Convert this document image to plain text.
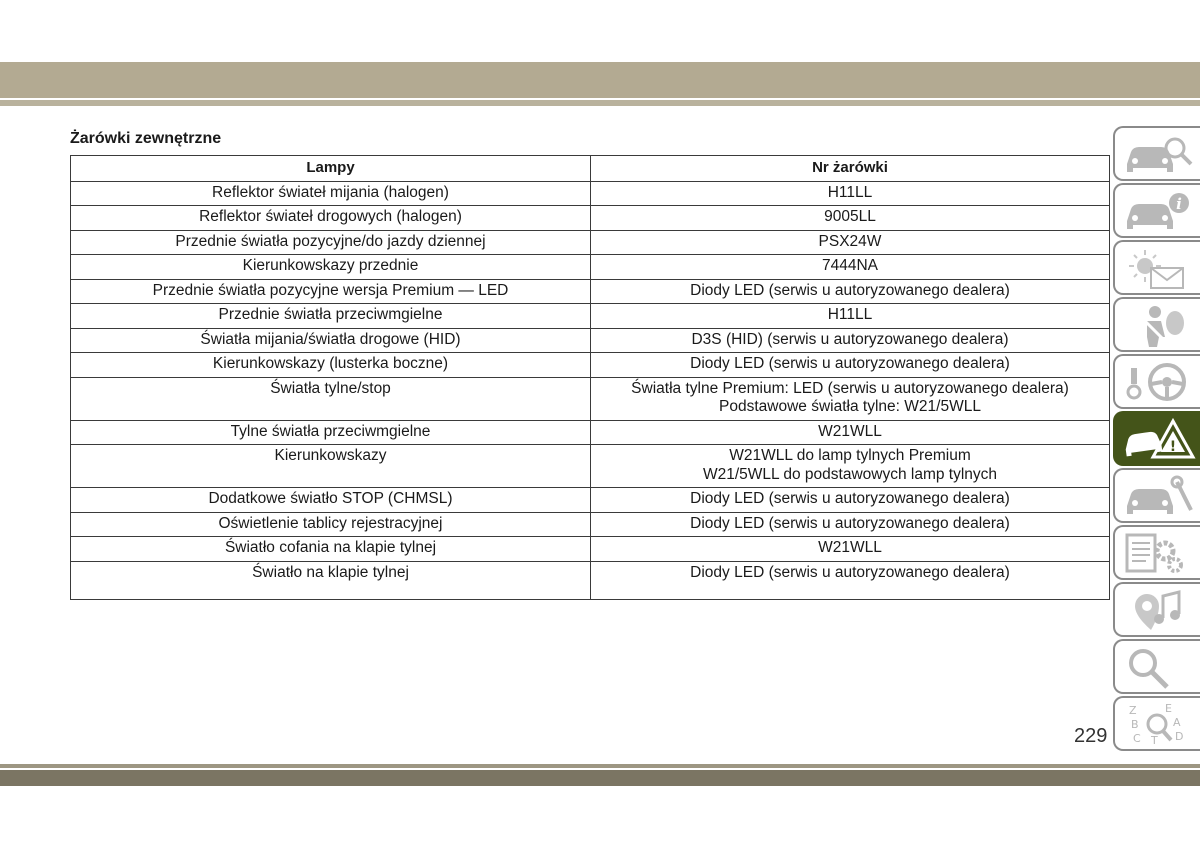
Żarówki zewnętrzne
Lampy	Nr żarówki
Reflektor świateł mijania (halogen)	H11LL
Reflektor świateł drogowych (halogen)	9005LL
Przednie światła pozycyjne/do jazdy dziennej	PSX24W
Kierunkowskazy przednie	7444NA
Przednie światła pozycyjne wersja Premium — LED	Diody LED (serwis u autoryzowanego dealera)
Przednie światła przeciwmgielne	H11LL
Światła mijania/światła drogowe (HID)	D3S (HID) (serwis u autoryzowanego dealera)
Kierunkowskazy (lusterka boczne)	Diody LED (serwis u autoryzowanego dealera)
Światła tylne/stop	Światła tylne Premium: LED (serwis u autoryzowanego dealera)
Podstawowe światła tylne: W21/5WLL

Tylne światła przeciwmgielne	W21WLL
Kierunkowskazy	W21WLL do lamp tylnych Premium
W21/5WLL do podstawowych lamp tylnych

Dodatkowe światło STOP (CHMSL)	Diody LED (serwis u autoryzowanego dealera)
Oświetlenie tablicy rejestracyjnej	Diody LED (serwis u autoryzowanego dealera)
Światło cofania na klapie tylnej	W21WLL
Światło na klapie tylnej	Diody LED (serwis u autoryzowanego dealera)
i
!
Z	E
A
B
D
C T
229
